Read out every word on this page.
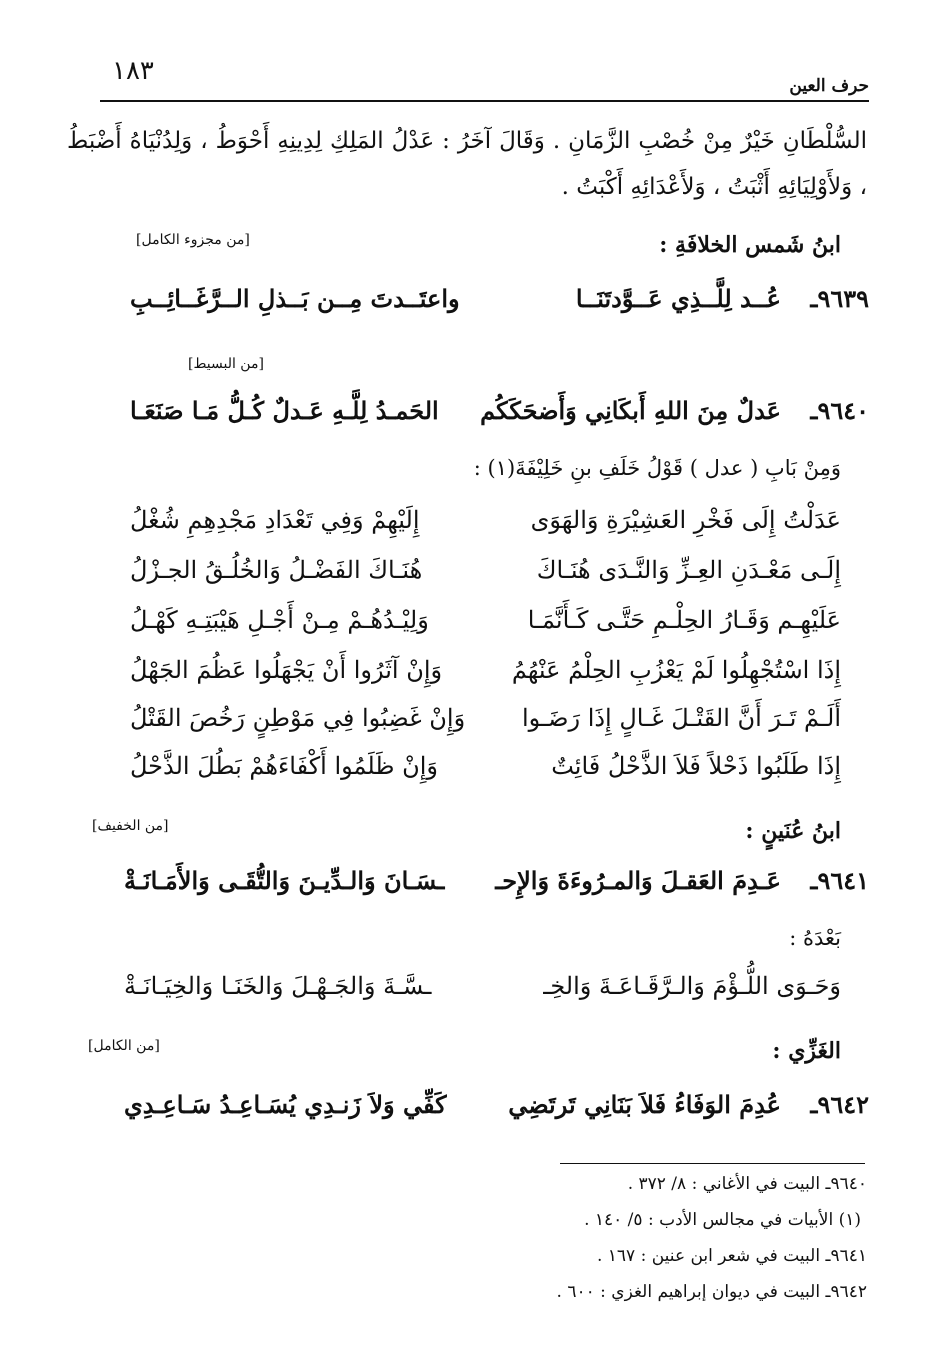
١٨٣	حرف العين
السُّلْطَانِ خَيْرٌ مِنْ خُصْبِ الزَّمَانِ . وَقَالَ آخَرُ : عَدْلُ المَلِكِ لِدِينِهِ أَحْوَطُ ، وَلِدُنْيَاهُ أَضْبَطُ ، وَلأَوْلِيَائِهِ أَثْبَتُ ، وَلأَعْدَائِهِ أَكْبَتُ .
ابنُ شَمس الخلافَةِ :
[من مجزوء الكامل]
٩٦٣٩ـ
عُــد لِلَّــذِي عَــوَّدتَنَــا
واعتَــدتَ مِــن بَــذلِ الــرَّغَــائِــبِ
[من البسيط]
٩٦٤٠ـ
عَدلٌ مِنَ اللهِ أَبكَانِي وَأَضحَكَكُم
الحَمـدُ لِلَّـهِ عَـدلٌ كُـلُّ مَـا صَنَعَـا
وَمِنْ بَابِ ( عدل ) قَوْلُ خَلَفِ بنِ خَلِيْفَةَ(١) :
عَدَلْتُ إِلَى فَخْرِ العَشِيْرَةِ وَالهَوَى
إِلَيْهِمْ وَفِي تَعْدَادِ مَجْدِهِمِ شُغْلُ
إِلَـى مَعْـدَنِ العِـزِّ وَالنَّـدَى هُنَـاكَ
هُنَـاكَ الفَضْـلُ وَالخُلُـقُ الجـزْلُ
عَلَيْهِـم وَقَـارُ الحِلْـمِ حَتَّـى كَـأَنَّمَـا
وَلِيْـدُهُـمْ مِـنْ أَجْـلِ هَيْبَتِـهِ كَهْـلُ
إِذَا اسْتُجْهِلُوا لَمْ يَعْزُبِ الحِلْمُ عَنْهُمُ
وَإِنْ آثَرُوا أَنْ يَجْهَلُوا عَظُمَ الجَهْلُ
أَلَـمْ تَـرَ أَنَّ القَتْـلَ غَـالٍ إِذَا رَضَـوا
وَإِنْ غَضِبُوا فِي مَوْطِنٍ رَخُصَ القَتْلُ
إِذَا طَلَبُوا ذَحْلاً فَلاَ الذَّحْلُ فَائِتٌ
وَإِنْ ظَلَمُوا أَكْفَاءَهُمْ بَطُلَ الذَّحْلُ
ابنُ عُنَينٍ :
[من الخفيف]
٩٦٤١ـ
عَـدِمَ العَقـلَ وَالمـرُوءَةَ وَالإِحـ
ـسَـانَ وَالـدِّيـنَ وَالتُّقَـى وَالأَمَـانَـةْ
بَعْدَهُ :
وَحَـوَى اللُّـؤْمَ وَالـرَّقَـاعَـةَ وَالخِـ
ـسَّـةَ وَالجَـهْـلَ وَالخَنَـا وَالخِيَـانَـةْ
الغَزِّي :
[من الكامل]
٩٦٤٢ـ
عُدِمَ الوَفَاءُ فَلاَ بَنَانِي تَرتَضِي
كَفِّي وَلاَ زَنـدِي يُسَـاعِـدُ سَـاعِـدِي
٩٦٤٠ـ البيت في الأغاني : ٨/ ٣٧٢ .
(١) الأبيات في مجالس الأدب : ٥/ ١٤٠ .
٩٦٤١ـ البيت في شعر ابن عنين : ١٦٧ .
٩٦٤٢ـ البيت في ديوان إبراهيم الغزي : ٦٠٠ .
